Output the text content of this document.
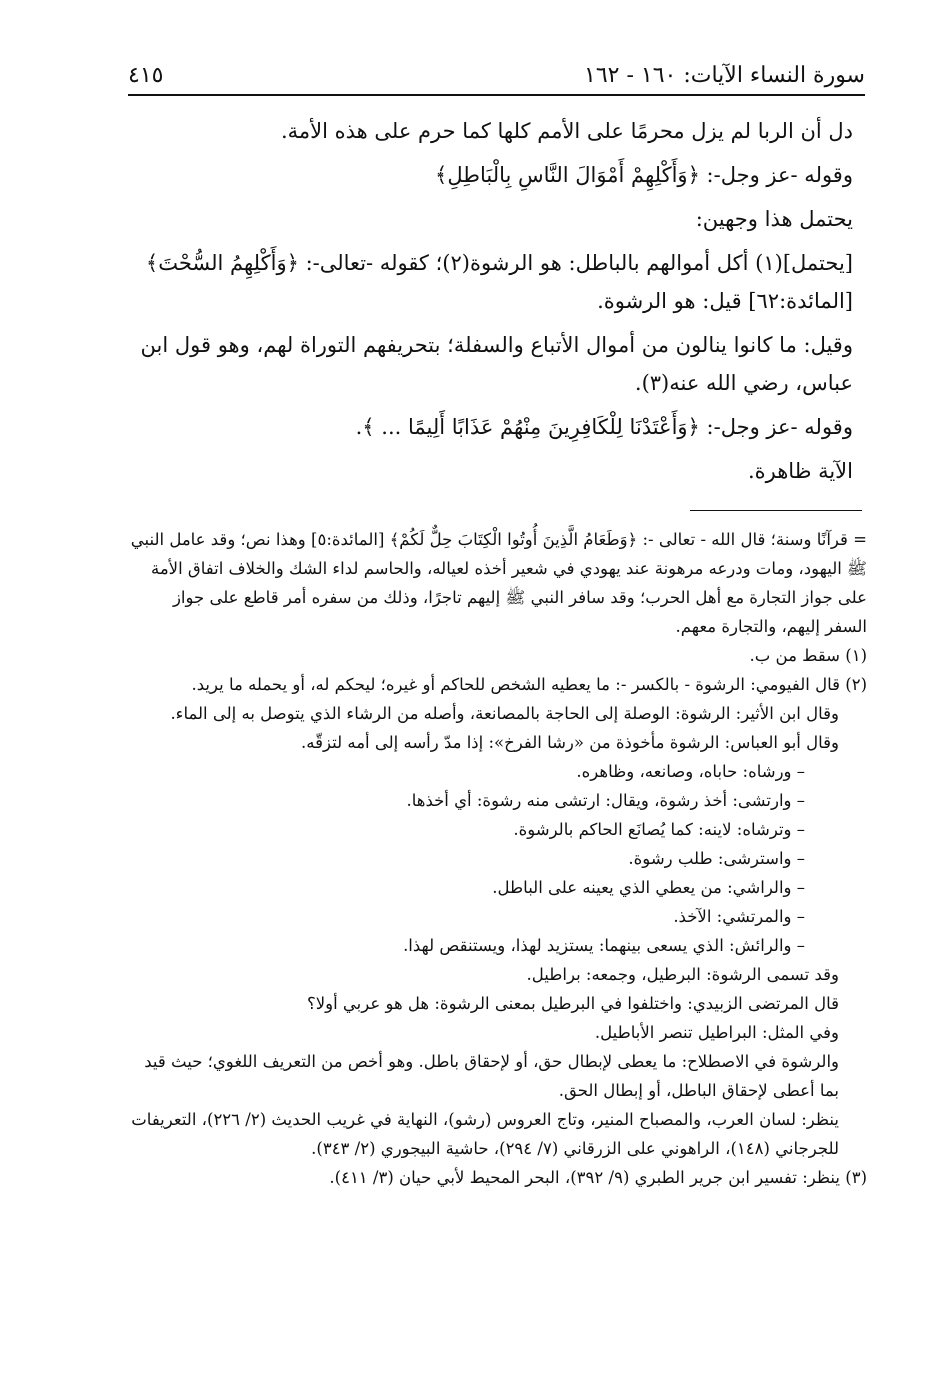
٤١٥	سورة النساء الآيات: ١٦٠ - ١٦٢

دل أن الربا لم يزل محرمًا على الأمم كلها كما حرم على هذه الأمة.

وقوله -عز وجل-: ﴿وَأَكْلِهِمْ أَمْوَالَ النَّاسِ بِالْبَاطِلِ﴾

يحتمل هذا وجهين:

[يحتمل](١) أكل أموالهم بالباطل: هو الرشوة(٢)؛ كقوله -تعالى-: ﴿وَأَكْلِهِمُ السُّحْتَ﴾ [المائدة:٦٢] قيل: هو الرشوة.

وقيل: ما كانوا ينالون من أموال الأتباع والسفلة؛ بتحريفهم التوراة لهم، وهو قول ابن عباس، رضي الله عنه(٣).

وقوله -عز وجل-: ﴿وَأَعْتَدْنَا لِلْكَافِرِينَ مِنْهُمْ عَذَابًا أَلِيمًا ... ﴾.

الآية ظاهرة.

= قرآنًا وسنة؛ قال الله - تعالى -: ﴿وَطَعَامُ الَّذِينَ أُوتُوا الْكِتَابَ حِلٌّ لَكُمْ﴾ [المائدة:٥] وهذا نص؛ وقد عامل النبي ﷺ اليهود، ومات ودرعه مرهونة عند يهودي في شعير أخذه لعياله، والحاسم لداء الشك والخلاف اتفاق الأمة على جواز التجارة مع أهل الحرب؛ وقد سافر النبي ﷺ إليهم تاجرًا، وذلك من سفره أمر قاطع على جواز السفر إليهم، والتجارة معهم.

(١) سقط من ب.

(٢) قال الفيومي: الرشوة - بالكسر -: ما يعطيه الشخص للحاكم أو غيره؛ ليحكم له، أو يحمله ما يريد.

وقال ابن الأثير: الرشوة: الوصلة إلى الحاجة بالمصانعة، وأصله من الرشاء الذي يتوصل به إلى الماء.

وقال أبو العباس: الرشوة مأخوذة من «رشا الفرخ»: إذا مدّ رأسه إلى أمه لتزقّه.

– ورشاه: حاباه، وصانعه، وظاهره.

– وارتشى: أخذ رشوة، ويقال: ارتشى منه رشوة: أي أخذها.

– وترشاه: لاينه: كما يُصانَع الحاكم بالرشوة.

– واسترشى: طلب رشوة.

– والراشي: من يعطي الذي يعينه على الباطل.

– والمرتشي: الآخذ.

– والرائش: الذي يسعى بينهما: يستزيد لهذا، ويستنقص لهذا.

وقد تسمى الرشوة: البرطيل، وجمعه: براطيل.

قال المرتضى الزبيدي: واختلفوا في البرطيل بمعنى الرشوة: هل هو عربي أولا؟

وفي المثل: البراطيل تنصر الأباطيل.

والرشوة في الاصطلاح: ما يعطى لإبطال حق، أو لإحقاق باطل. وهو أخص من التعريف اللغوي؛ حيث قيد بما أعطى لإحقاق الباطل، أو إبطال الحق.

ينظر: لسان العرب، والمصباح المنير، وتاج العروس (رشو)، النهاية في غريب الحديث (٢/ ٢٢٦)، التعريفات للجرجاني (١٤٨)، الراهوني على الزرقاني (٧/ ٢٩٤)، حاشية البيجوري (٢/ ٣٤٣).

(٣) ينظر: تفسير ابن جرير الطبري (٩/ ٣٩٢)، البحر المحيط لأبي حيان (٣/ ٤١١).
